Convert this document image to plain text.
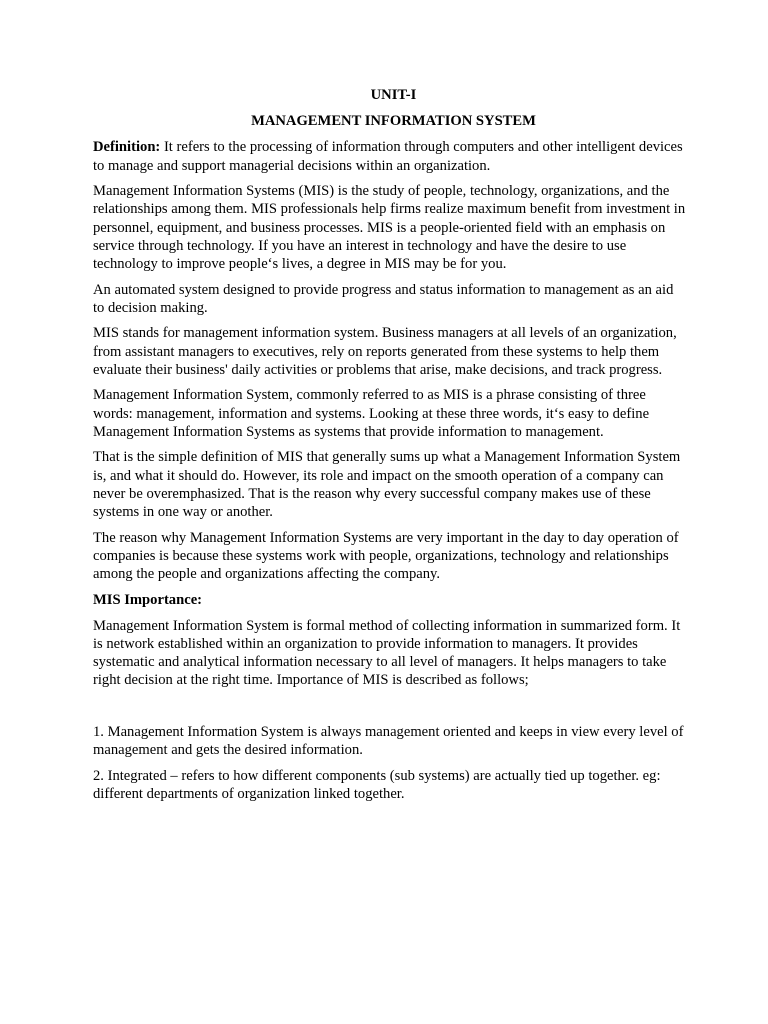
UNIT-I
MANAGEMENT INFORMATION SYSTEM

Definition: It refers to the processing of information through computers and other intelligent devices to manage and support managerial decisions within an organization.

Management Information Systems (MIS) is the study of people, technology, organizations, and the relationships among them. MIS professionals help firms realize maximum benefit from investment in personnel, equipment, and business processes. MIS is a people-oriented field with an emphasis on service through technology. If you have an interest in technology and have the desire to use technology to improve people‘s lives, a degree in MIS may be for you.

An automated system designed to provide progress and status information to management as an aid to decision making.

MIS stands for management information system. Business managers at all levels of an organization, from assistant managers to executives, rely on reports generated from these systems to help them evaluate their business' daily activities or problems that arise, make decisions, and track progress.

Management Information System, commonly referred to as MIS is a phrase consisting of three words: management, information and systems. Looking at these three words, it‘s easy to define Management Information Systems as systems that provide information to management.

That is the simple definition of MIS that generally sums up what a Management Information System is, and what it should do. However, its role and impact on the smooth operation of a company can never be overemphasized. That is the reason why every successful company makes use of these systems in one way or another.

The reason why Management Information Systems are very important in the day to day operation of companies is because these systems work with people, organizations, technology and relationships among the people and organizations affecting the company.

MIS Importance:

Management Information System is formal method of collecting information in summarized form. It is network established within an organization to provide information to managers. It provides systematic and analytical information necessary to all level of managers. It helps managers to take right decision at the right time. Importance of MIS is described as follows;

1. Management Information System is always management oriented and keeps in view every level of management and gets the desired information.

2. Integrated – refers to how different components (sub systems) are actually tied up together. eg: different departments of organization linked together.
